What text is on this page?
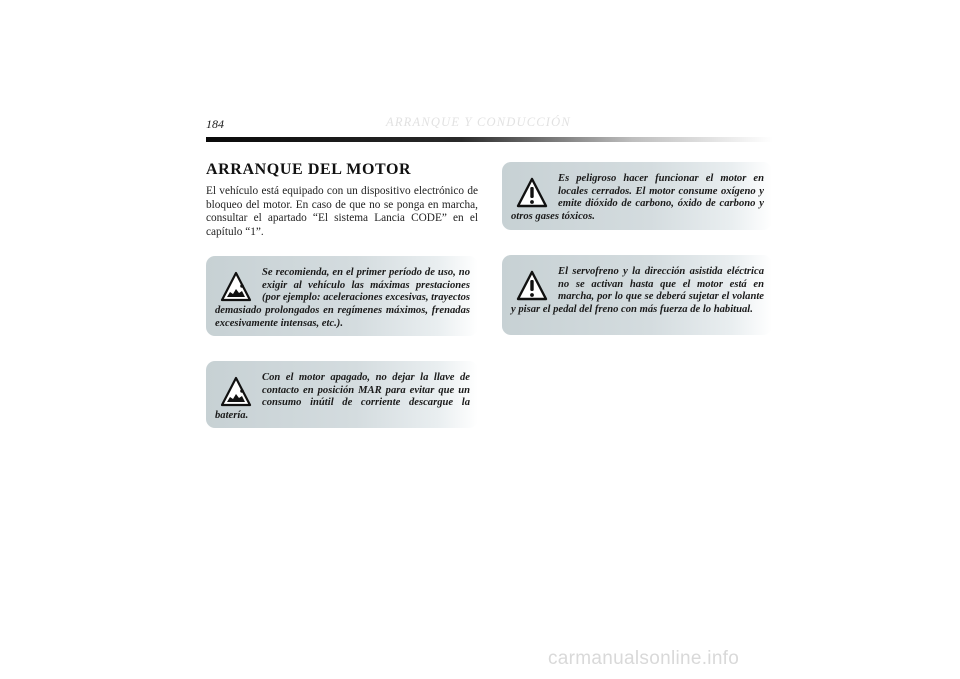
184	ARRANQUE Y CONDUCCIÓN
ARRANQUE DEL MOTOR

El vehículo está equipado con un dispositivo electrónico de bloqueo del motor. En caso de que no se ponga en marcha, consultar el apartado “El sistema Lancia CODE” en el capítulo “1”.

Se recomienda, en el primer período de uso, no exigir al vehículo las máximas prestaciones (por ejemplo: aceleraciones excesivas, trayectos demasiado prolongados en regímenes máximos, frenadas excesivamente intensas, etc.).

Con el motor apagado, no dejar la llave de contacto en posición MAR para evitar que un consumo inútil de corriente descargue la batería.

Es peligroso hacer funcionar el motor en locales cerrados. El motor consume oxígeno y emite dióxido de carbono, óxido de carbono y otros gases tóxicos.

El servofreno y la dirección asistida eléctrica no se activan hasta que el motor está en marcha, por lo que se deberá sujetar el volante y pisar el pedal del freno con más fuerza de lo habitual.

carmanualsonline.info
